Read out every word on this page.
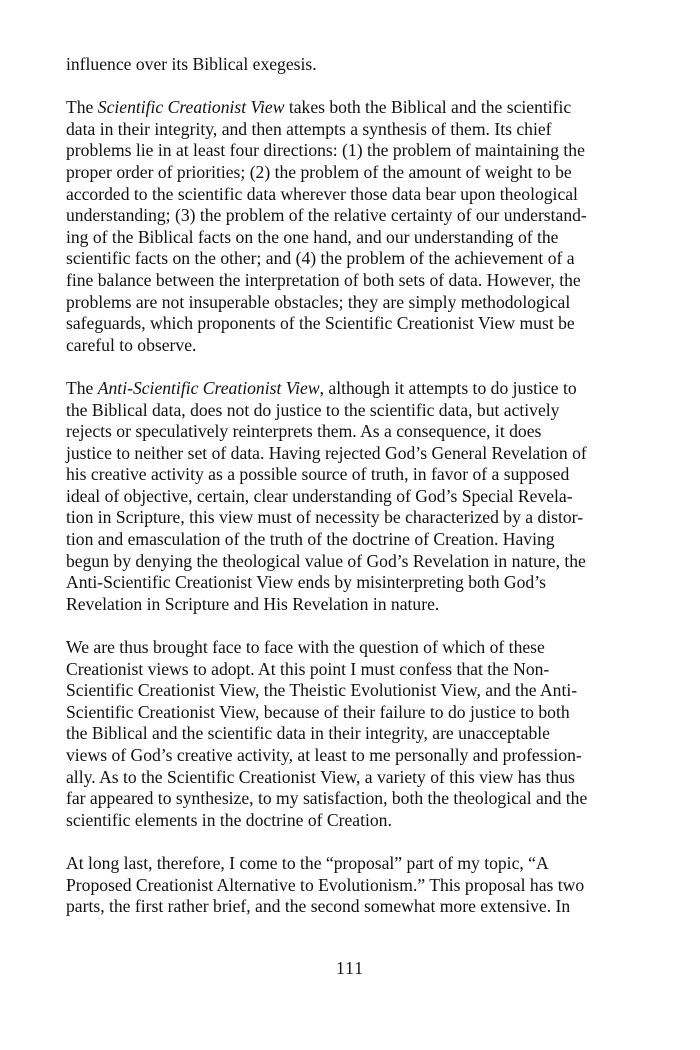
influence over its Biblical exegesis.

The Scientific Creationist View takes both the Biblical and the scientific
data in their integrity, and then attempts a synthesis of them. Its chief
problems lie in at least four directions: (1) the problem of maintaining the
proper order of priorities; (2) the problem of the amount of weight to be
accorded to the scientific data wherever those data bear upon theological
understanding; (3) the problem of the relative certainty of our understand-
ing of the Biblical facts on the one hand, and our understanding of the
scientific facts on the other; and (4) the problem of the achievement of a
fine balance between the interpretation of both sets of data. However, the
problems are not insuperable obstacles; they are simply methodological
safeguards, which proponents of the Scientific Creationist View must be
careful to observe.

The Anti-Scientific Creationist View, although it attempts to do justice to
the Biblical data, does not do justice to the scientific data, but actively
rejects or speculatively reinterprets them. As a consequence, it does
justice to neither set of data. Having rejected God’s General Revelation of
his creative activity as a possible source of truth, in favor of a supposed
ideal of objective, certain, clear understanding of God’s Special Revela-
tion in Scripture, this view must of necessity be characterized by a distor-
tion and emasculation of the truth of the doctrine of Creation. Having
begun by denying the theological value of God’s Revelation in nature, the
Anti-Scientific Creationist View ends by misinterpreting both God’s
Revelation in Scripture and His Revelation in nature.

We are thus brought face to face with the question of which of these
Creationist views to adopt. At this point I must confess that the Non-
Scientific Creationist View, the Theistic Evolutionist View, and the Anti-
Scientific Creationist View, because of their failure to do justice to both
the Biblical and the scientific data in their integrity, are unacceptable
views of God’s creative activity, at least to me personally and profession-
ally. As to the Scientific Creationist View, a variety of this view has thus
far appeared to synthesize, to my satisfaction, both the theological and the
scientific elements in the doctrine of Creation.

At long last, therefore, I come to the “proposal” part of my topic, “A
Proposed Creationist Alternative to Evolutionism.” This proposal has two
parts, the first rather brief, and the second somewhat more extensive. In

111
